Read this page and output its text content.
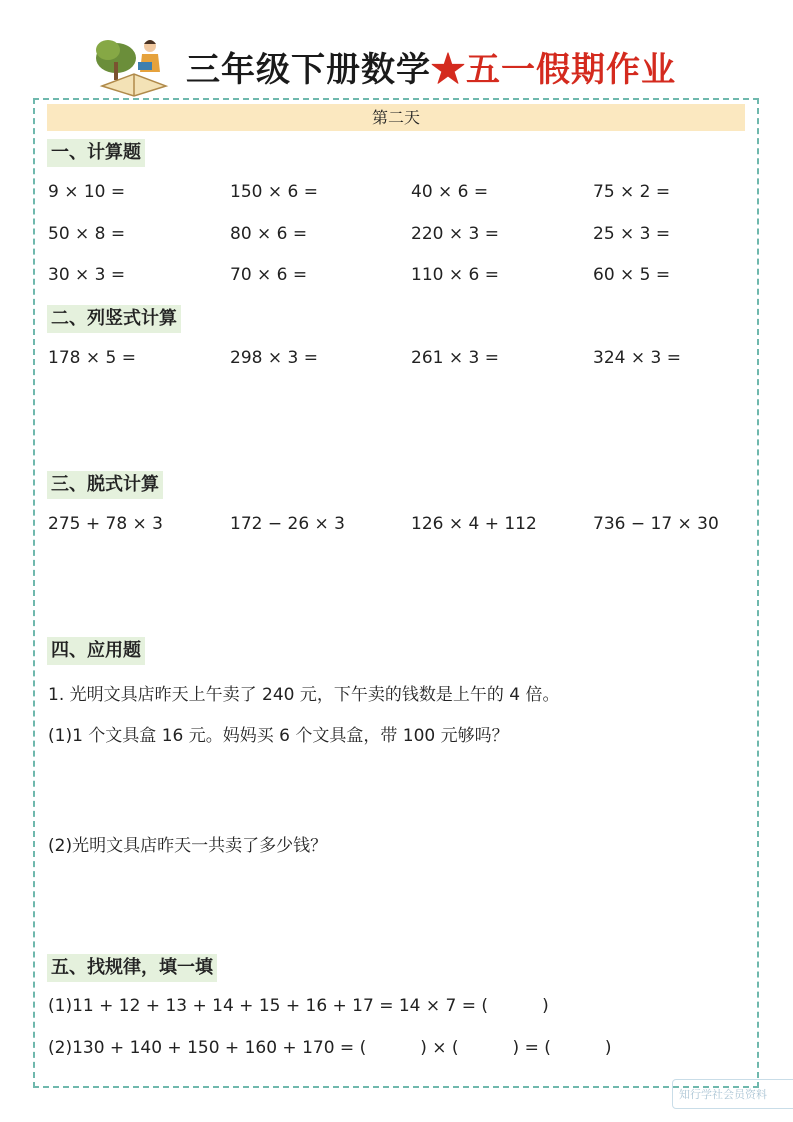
三年级下册数学★五一假期作业
第二天
一、计算题
9 × 10 =	150 × 6 =	40 × 6 =	75 × 2 =
50 × 8 =	80 × 6 =	220 × 3 =	25 × 3 =
30 × 3 =	70 × 6 =	110 × 6 =	60 × 5 =
二、列竖式计算
178 × 5 =	298 × 3 =	261 × 3 =	324 × 3 =
三、脱式计算
275 + 78 × 3	172 − 26 × 3	126 × 4 + 112	736 − 17 × 30
四、应用题
1. 光明文具店昨天上午卖了 240 元，下午卖的钱数是上午的 4 倍。
(1)1 个文具盒 16 元。妈妈买 6 个文具盒，带 100 元够吗？
(2)光明文具店昨天一共卖了多少钱？
五、找规律，填一填
(1)11 + 12 + 13 + 14 + 15 + 16 + 17 = 14 × 7 = (	)
(2)130 + 140 + 150 + 160 + 170 = (	) × (	) = (	)
知行学社会员资料
